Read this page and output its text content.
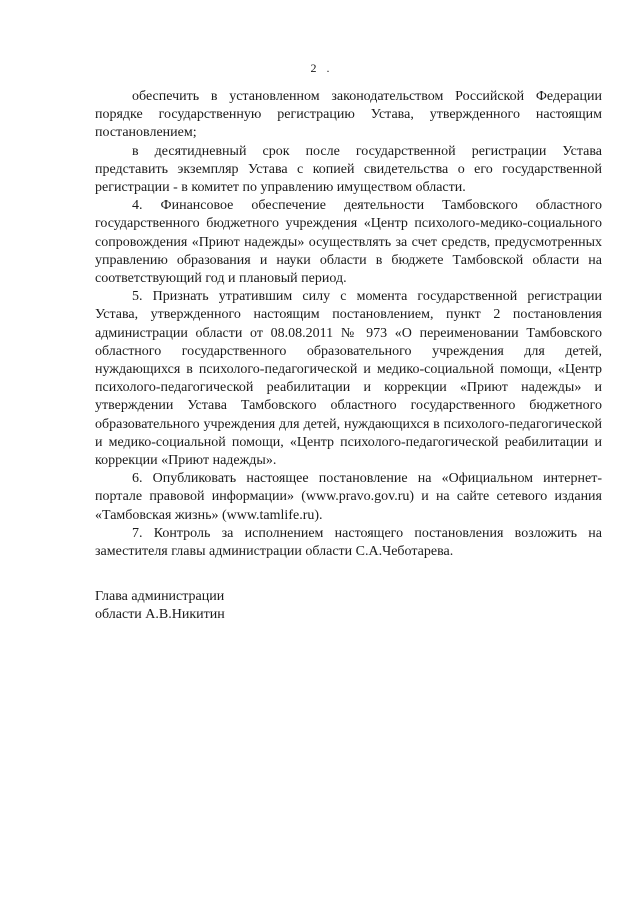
2 .

обеспечить в установленном законодательством Российской Федерации порядке государственную регистрацию Устава, утвержденного настоящим постановлением;

в десятидневный срок после государственной регистрации Устава представить экземпляр Устава с копией свидетельства о его государственной регистрации - в комитет по управлению имуществом области.

4. Финансовое обеспечение деятельности Тамбовского областного государственного бюджетного учреждения «Центр психолого-медико-социального сопровождения «Приют надежды» осуществлять за счет средств, предусмотренных управлению образования и науки области в бюджете Тамбовской области на соответствующий год и плановый период.

5. Признать утратившим силу с момента государственной регистрации Устава, утвержденного настоящим постановлением, пункт 2 постановления администрации области от 08.08.2011 № 973 «О переименовании Тамбовского областного государственного образовательного учреждения для детей, нуждающихся в психолого-педагогической и медико-социальной помощи, «Центр психолого-педагогической реабилитации и коррекции «Приют надежды» и утверждении Устава Тамбовского областного государственного бюджетного образовательного учреждения для детей, нуждающихся в психолого-педагогической и медико-социальной помощи, «Центр психолого-педагогической реабилитации и коррекции «Приют надежды».

6. Опубликовать настоящее постановление на «Официальном интернет-портале правовой информации» (www.pravo.gov.ru) и на сайте сетевого издания «Тамбовская жизнь» (www.tamlife.ru).

7. Контроль за исполнением настоящего постановления возложить на заместителя главы администрации области С.А.Чеботарева.

Глава администрации
области А.В.Никитин
